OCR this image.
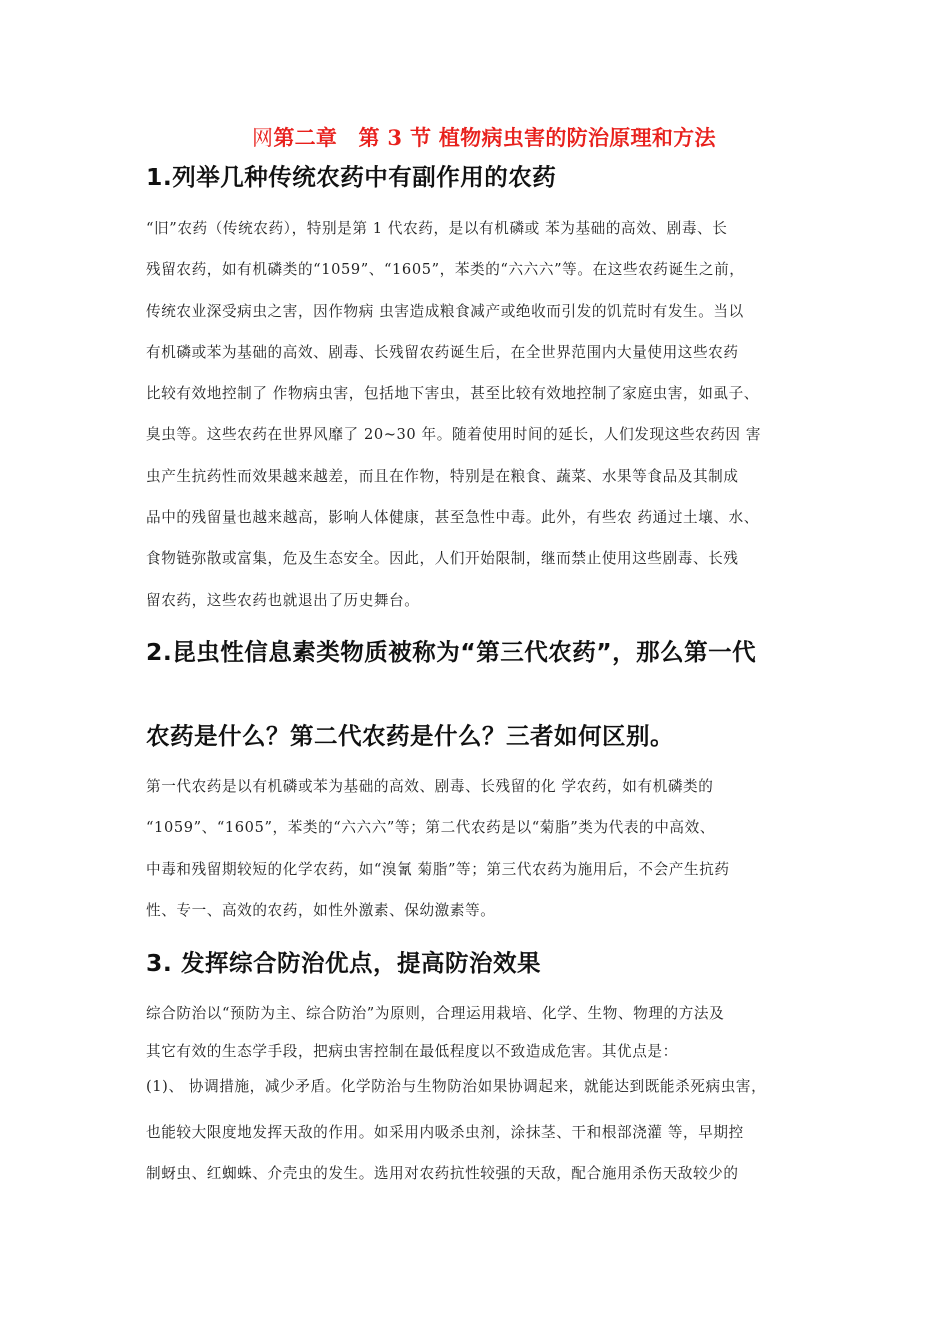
网第二章　第 3 节 植物病虫害的防治原理和方法
1.列举几种传统农药中有副作用的农药
“旧”农药（传统农药），特别是第 1 代农药，是以有机磷或 苯为基础的高效、剧毒、长
残留农药，如有机磷类的“1059”、“1605”，苯类的“六六六”等。在这些农药诞生之前，
传统农业深受病虫之害，因作物病 虫害造成粮食减产或绝收而引发的饥荒时有发生。当以
有机磷或苯为基础的高效、剧毒、长残留农药诞生后，在全世界范围内大量使用这些农药
比较有效地控制了 作物病虫害，包括地下害虫，甚至比较有效地控制了家庭虫害，如虱子、
臭虫等。这些农药在世界风靡了 20~30 年。随着使用时间的延长，人们发现这些农药因 害
虫产生抗药性而效果越来越差，而且在作物，特别是在粮食、蔬菜、水果等食品及其制成
品中的残留量也越来越高，影响人体健康，甚至急性中毒。此外，有些农 药通过土壤、水、
食物链弥散或富集，危及生态安全。因此，人们开始限制，继而禁止使用这些剧毒、长残
留农药，这些农药也就退出了历史舞台。
2.昆虫性信息素类物质被称为“第三代农药”，那么第一代
农药是什么？第二代农药是什么？三者如何区别。
第一代农药是以有机磷或苯为基础的高效、剧毒、长残留的化 学农药，如有机磷类的
“1059”、“1605”，苯类的“六六六”等；第二代农药是以“菊脂”类为代表的中高效、
中毒和残留期较短的化学农药，如“溴氰 菊脂”等；第三代农药为施用后，不会产生抗药
性、专一、高效的农药，如性外激素、保幼激素等。
3. 发挥综合防治优点，提高防治效果
综合防治以“预防为主、综合防治”为原则，合理运用栽培、化学、生物、物理的方法及
其它有效的生态学手段，把病虫害控制在最低程度以不致造成危害。其优点是：
(1)、 协调措施，减少矛盾。化学防治与生物防治如果协调起来，就能达到既能杀死病虫害，
也能较大限度地发挥天敌的作用。如采用内吸杀虫剂，涂抹茎、干和根部浇灌 等，早期控
制蚜虫、红蜘蛛、介壳虫的发生。选用对农药抗性较强的天敌，配合施用杀伤天敌较少的
